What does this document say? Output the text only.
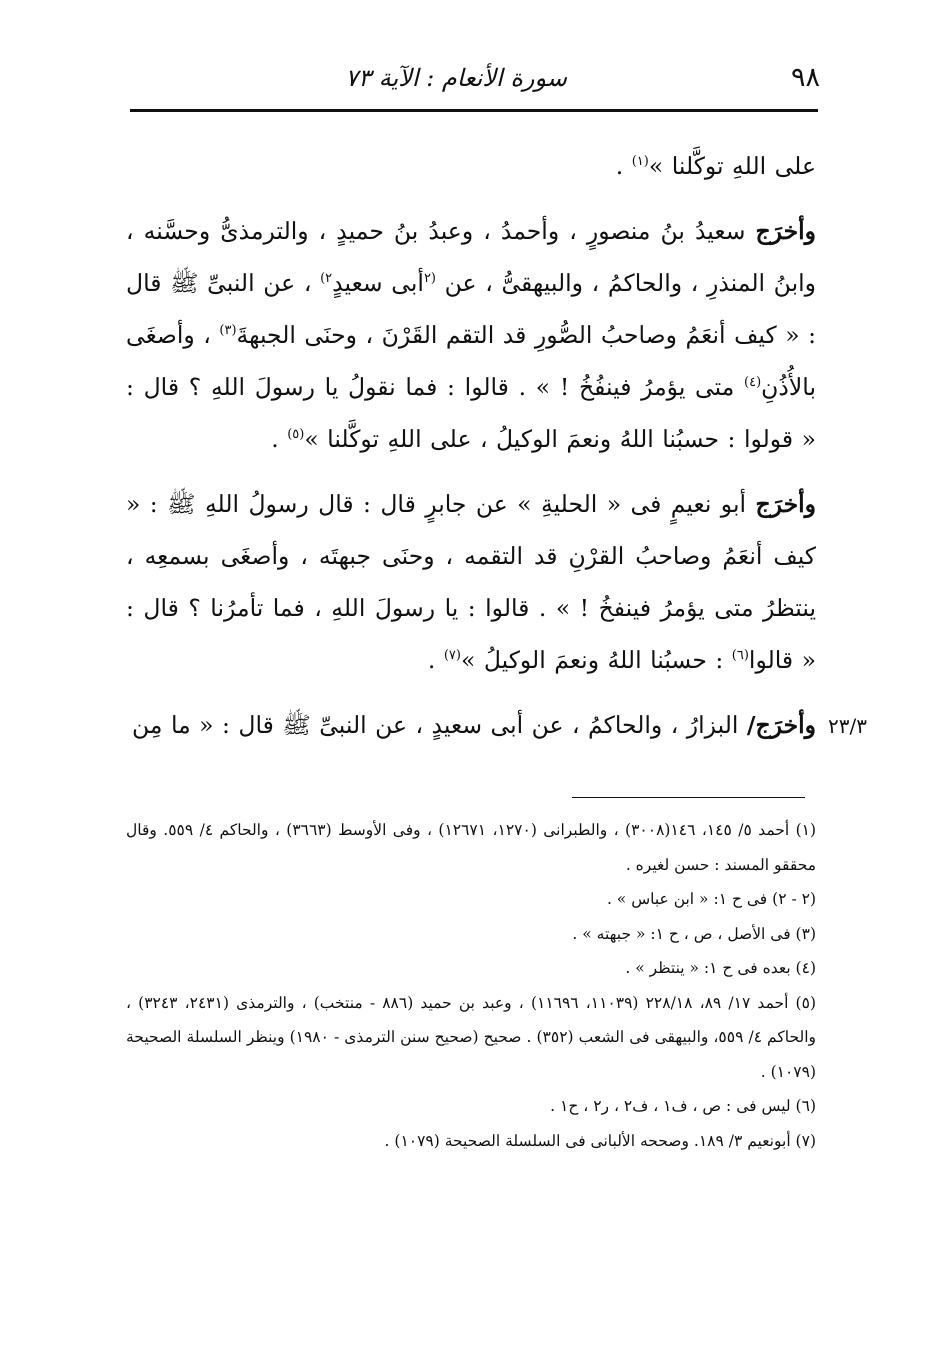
٩٨
سورة الأنعام : الآية ٧٣

على اللهِ توكَّلنا »$^{(١)}$ .

وأخرَج سعيدُ بنُ منصورٍ ، وأحمدُ ، وعبدُ بنُ حميدٍ ، والترمذىُّ وحسَّنه ، وابنُ المنذرِ ، والحاكمُ ، والبيهقىُّ ، عن $^{(٢}$أبى سعيدٍ$^{٢)}$ ، عن النبىِّ ﷺ قال : « كيف أنعَمُ وصاحبُ الصُّورِ قد التقم القَرْنَ ، وحنَى الجبهةَ$^{(٣)}$ ، وأصغَى بالأُذُنِ$^{(٤)}$ متى يؤمرُ فينفُخُ ! » . قالوا : فما نقولُ يا رسولَ اللهِ ؟ قال : « قولوا : حسبُنا اللهُ ونعمَ الوكيلُ ، على اللهِ توكَّلنا »$^{(٥)}$ .

وأخرَج أبو نعيمٍ فى « الحليةِ » عن جابرٍ قال : قال رسولُ اللهِ ﷺ : « كيف أنعَمُ وصاحبُ القرْنِ قد التقمه ، وحنَى جبهتَه ، وأصغَى بسمعِه ، ينتظرُ متى يؤمرُ فينفخُ ! » . قالوا : يا رسولَ اللهِ ، فما تأمرُنا ؟ قال : « قالوا$^{(٦)}$ : حسبُنا اللهُ ونعمَ الوكيلُ »$^{(٧)}$ .

وأخرَج/ البزارُ ، والحاكمُ ، عن أبى سعيدٍ ، عن النبىِّ ﷺ قال : « ما مِن	٢٣/٣

(١) أحمد ٥/ ١٤٥، ١٤٦(٣٠٠٨) ، والطبرانى (١٢٧٠، ١٢٦٧١) ، وفى الأوسط (٣٦٦٣) ، والحاكم ٤/ ٥٥٩. وقال محققو المسند : حسن لغيره .

(٢ - ٢) فى ح ١: « ابن عباس » .

(٣) فى الأصل ، ص ، ح ١: « جبهته » .

(٤) بعده فى ح ١: « ينتظر » .

(٥) أحمد ١٧/ ٨٩، ٢٢٨/١٨ (١١٠٣٩، ١١٦٩٦) ، وعبد بن حميد (٨٨٦ - منتخب) ، والترمذى (٢٤٣١، ٣٢٤٣) ، والحاكم ٤/ ٥٥٩، والبيهقى فى الشعب (٣٥٢) . صحيح (صحيح سنن الترمذى - ١٩٨٠) وينظر السلسلة الصحيحة (١٠٧٩) .

(٦) ليس فى : ص ، ف١ ، ف٢ ، ر٢ ، ح١ .

(٧) أبونعيم ٣/ ١٨٩. وصححه الألبانى فى السلسلة الصحيحة (١٠٧٩) .
